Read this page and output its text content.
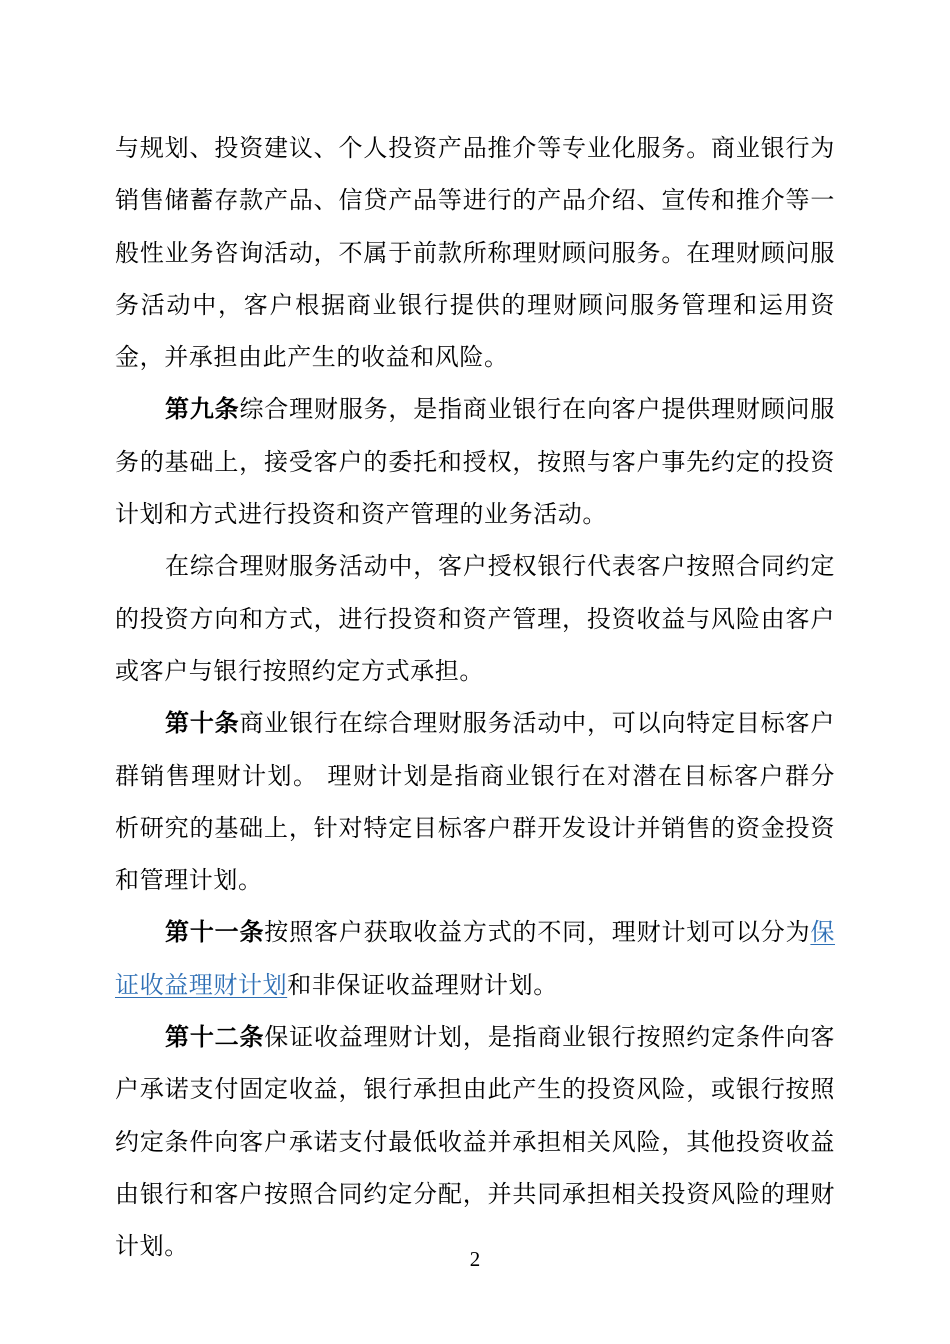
与规划、投资建议、个人投资产品推介等专业化服务。商业银行为销售储蓄存款产品、信贷产品等进行的产品介绍、宣传和推介等一般性业务咨询活动，不属于前款所称理财顾问服务。在理财顾问服务活动中，客户根据商业银行提供的理财顾问服务管理和运用资金，并承担由此产生的收益和风险。

第九条综合理财服务，是指商业银行在向客户提供理财顾问服务的基础上，接受客户的委托和授权，按照与客户事先约定的投资计划和方式进行投资和资产管理的业务活动。

在综合理财服务活动中，客户授权银行代表客户按照合同约定的投资方向和方式，进行投资和资产管理，投资收益与风险由客户或客户与银行按照约定方式承担。

第十条商业银行在综合理财服务活动中，可以向特定目标客户群销售理财计划。 理财计划是指商业银行在对潜在目标客户群分析研究的基础上，针对特定目标客户群开发设计并销售的资金投资和管理计划。

第十一条按照客户获取收益方式的不同，理财计划可以分为保证收益理财计划和非保证收益理财计划。

第十二条保证收益理财计划，是指商业银行按照约定条件向客户承诺支付固定收益，银行承担由此产生的投资风险，或银行按照约定条件向客户承诺支付最低收益并承担相关风险，其他投资收益由银行和客户按照合同约定分配，并共同承担相关投资风险的理财计划。	2
